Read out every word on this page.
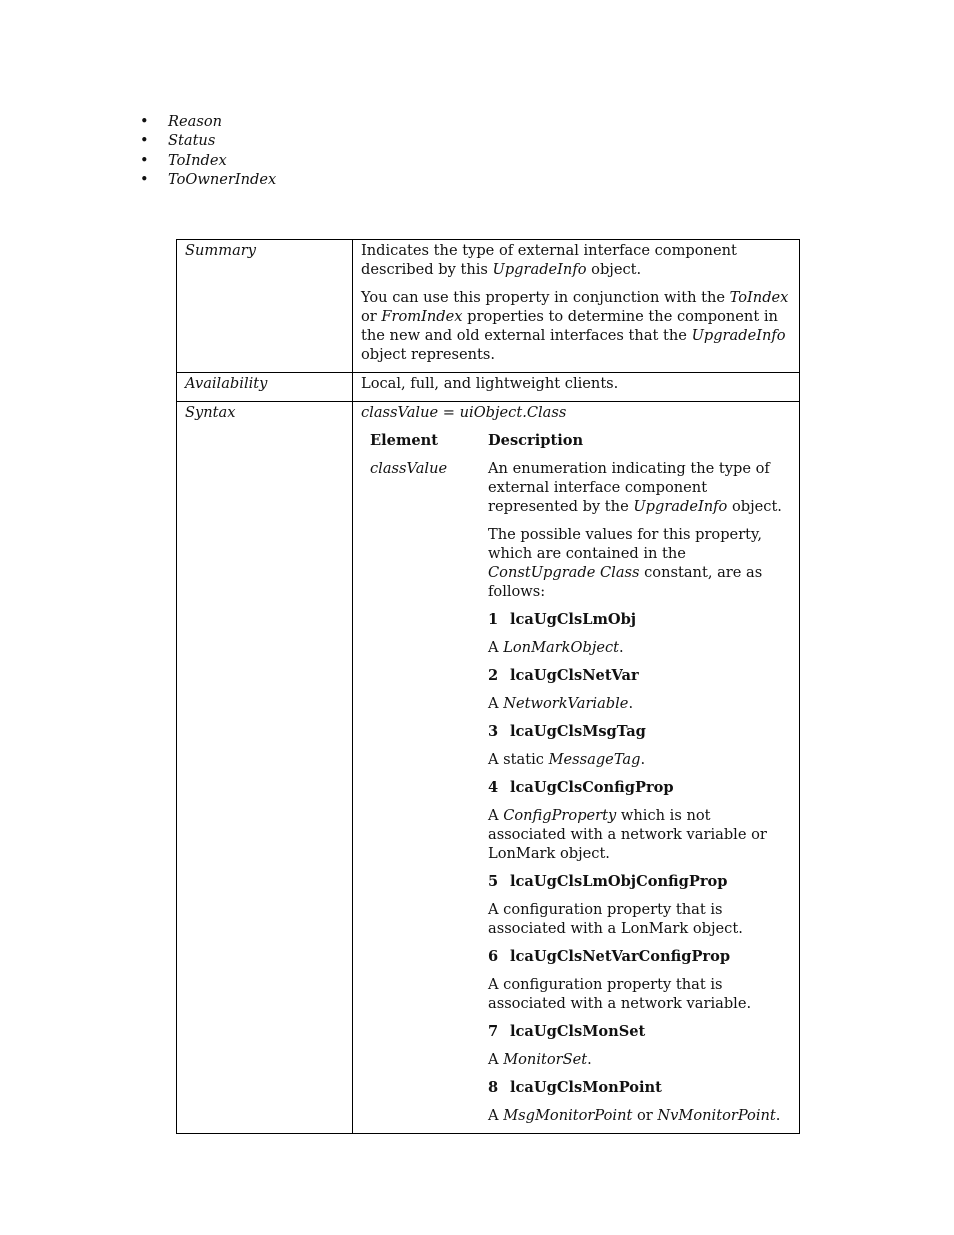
• Reason
• Status
• ToIndex
• ToOwnerIndex
Summary	Indicates the type of external interface component described by this UpgradeInfo object.

You can use this property in conjunction with the ToIndex or FromIndex properties to determine the component in the new and old external interfaces that the UpgradeInfo object represents.

Availability	Local, full, and lightweight clients.
Syntax	classValue = uiObject.Class

Element	Description
classValue	An enumeration indicating the type of external interface component represented by the UpgradeInfo object.

The possible values for this property, which are contained in the ConstUpgrade Class constant, are as follows:

1 lcaUgClsLmObj

A LonMarkObject.

2 lcaUgClsNetVar

A NetworkVariable.

3 lcaUgClsMsgTag

A static MessageTag.

4 lcaUgClsConfigProp

A ConfigProperty which is not associated with a network variable or LonMark object.

5 lcaUgClsLmObjConfigProp

A configuration property that is associated with a LonMark object.

6 lcaUgClsNetVarConfigProp

A configuration property that is associated with a network variable.

7 lcaUgClsMonSet

A MonitorSet.

8 lcaUgClsMonPoint

A MsgMonitorPoint or NvMonitorPoint.
